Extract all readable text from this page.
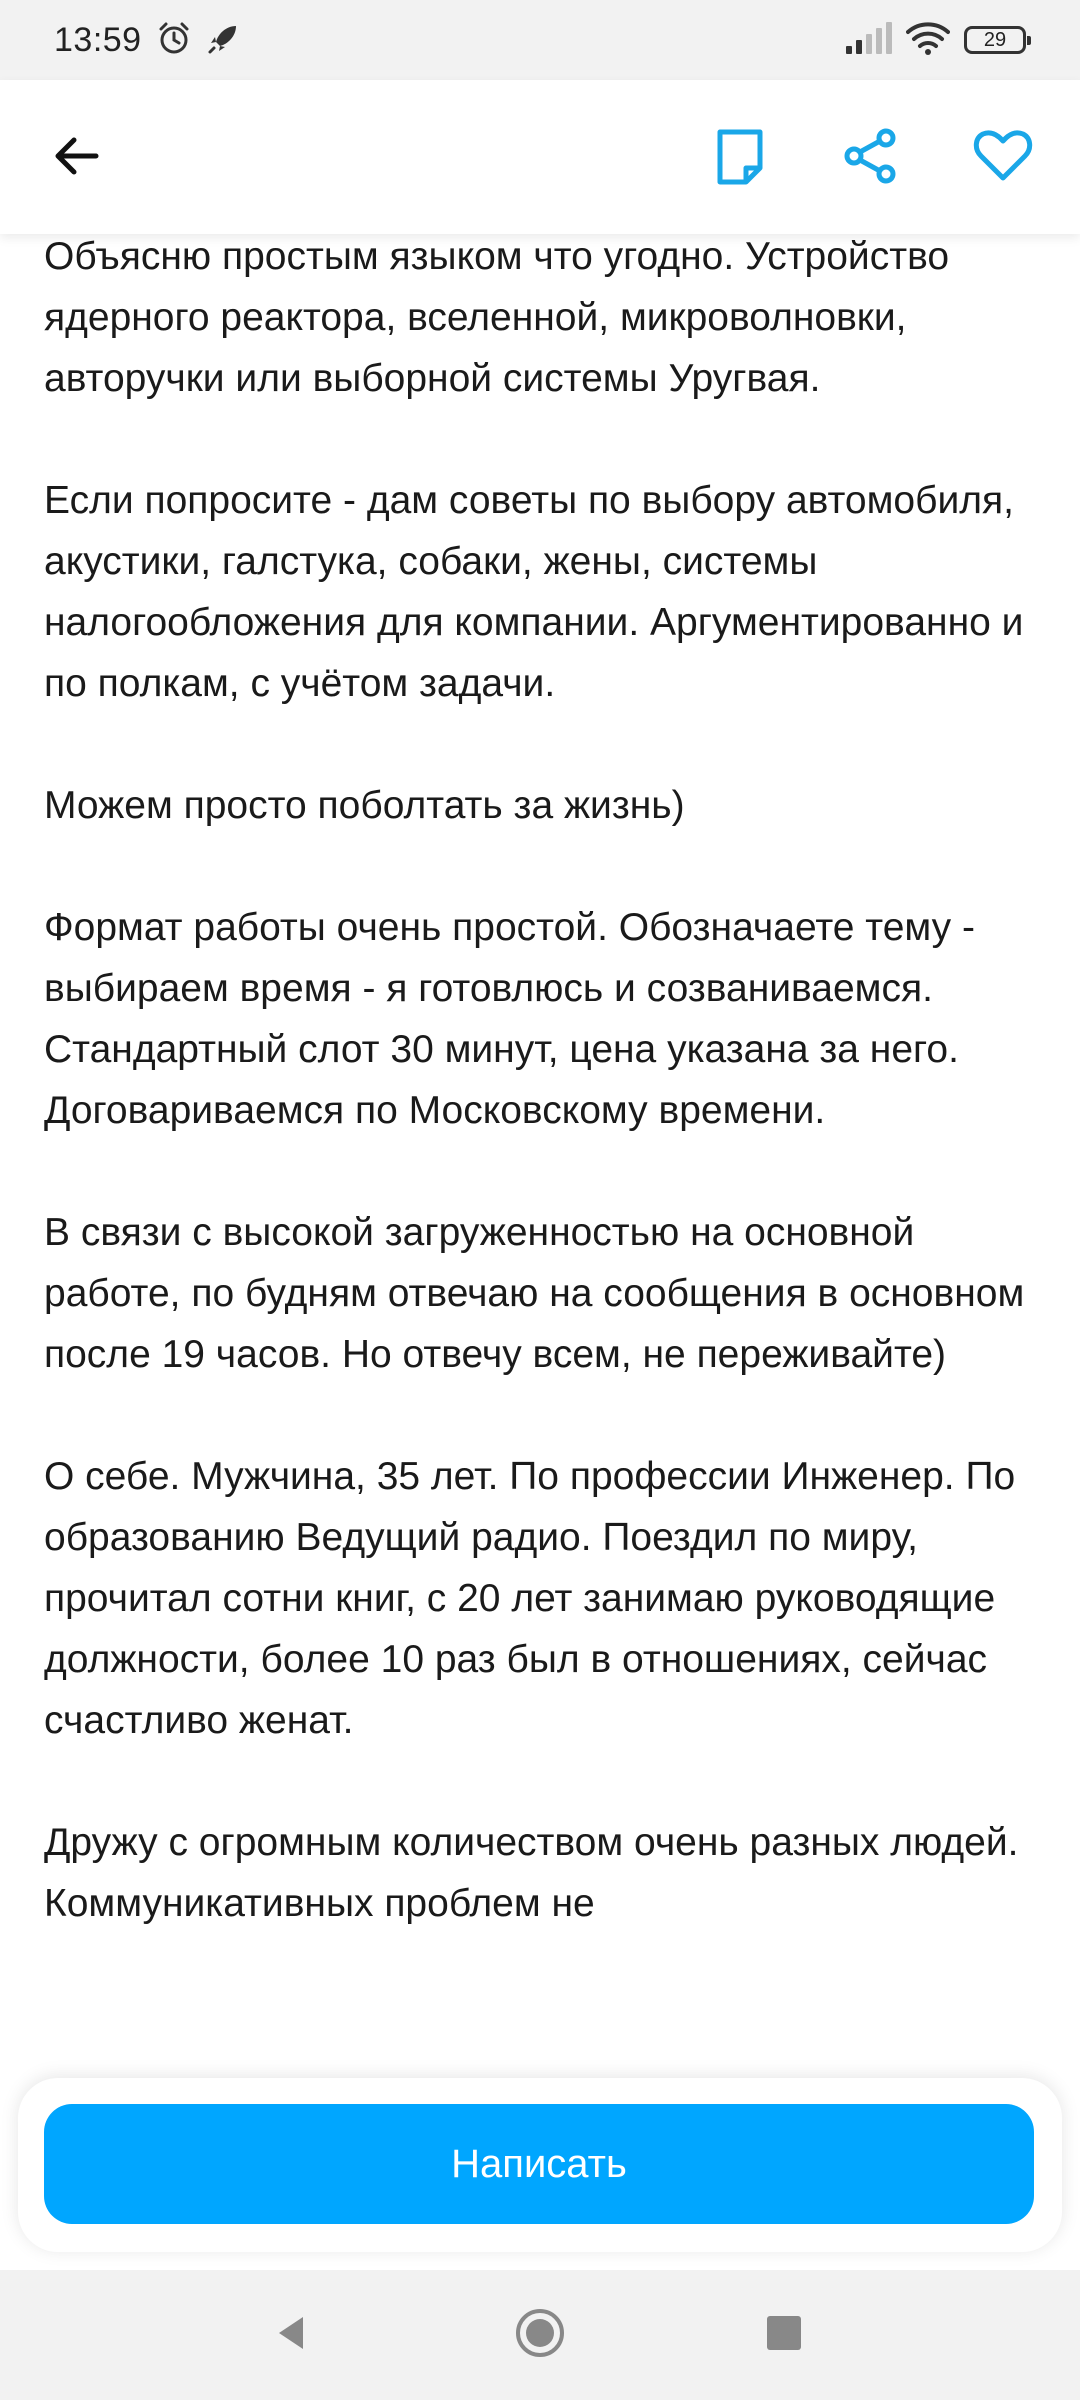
13:59	29

Объясню простым языком что угодно. Устройство ядерного реактора, вселенной, микроволновки, авторучки или выборной системы Уругвая.

Если попросите - дам советы по выбору автомобиля, акустики, галстука, собаки, жены, системы налогообложения для компании. Аргументированно и по полкам, с учётом задачи.

Можем просто поболтать за жизнь)

Формат работы очень простой. Обозначаете тему - выбираем время - я готовлюсь и созваниваемся. Стандартный слот 30 минут, цена указана за него. Договариваемся по Московскому времени.

В связи с высокой загруженностью на основной работе, по будням отвечаю на сообщения в основном после 19 часов. Но отвечу всем, не переживайте)

О себе. Мужчина, 35 лет. По профессии Инженер. По образованию Ведущий радио. Поездил по миру, прочитал сотни книг, с 20 лет занимаю руководящие должности, более 10 раз был в отношениях, сейчас счастливо женат.

Дружу с огромным количеством очень разных людей. Коммуникативных проблем не

Написать
